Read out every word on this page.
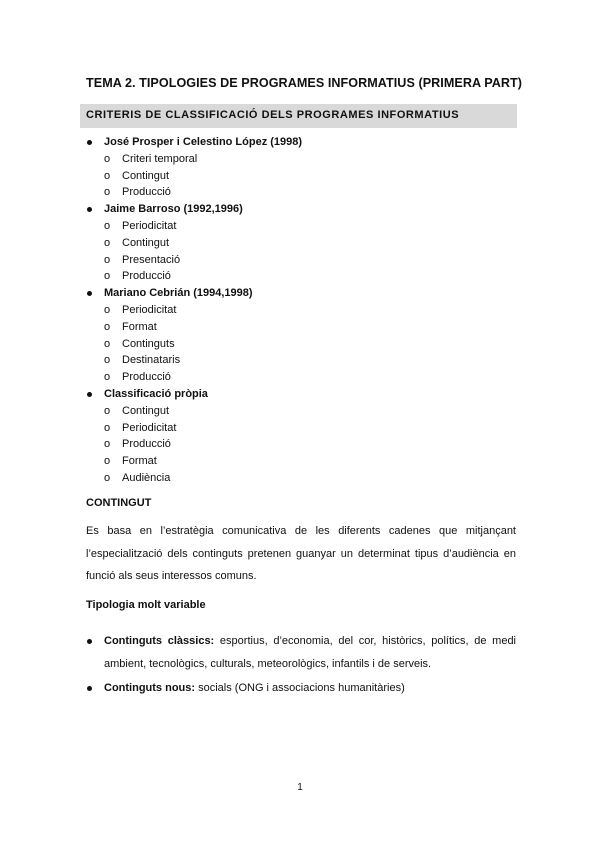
TEMA 2. TIPOLOGIES DE PROGRAMES INFORMATIUS (PRIMERA PART)
CRITERIS DE CLASSIFICACIÓ DELS PROGRAMES INFORMATIUS
José Prosper i Celestino López (1998)
o Criteri temporal
o Contingut
o Producció
Jaime Barroso (1992,1996)
o Periodicitat
o Contingut
o Presentació
o Producció
Mariano Cebrián (1994,1998)
o Periodicitat
o Format
o Continguts
o Destinataris
o Producció
Classificació pròpia
o Contingut
o Periodicitat
o Producció
o Format
o Audiència
CONTINGUT
Es basa en l’estratègia comunicativa de les diferents cadenes que mitjançant l’especialització dels continguts pretenen guanyar un determinat tipus d’audiència en funció als seus interessos comuns.
Tipologia molt variable
Continguts clàssics: esportius, d’economia, del cor, històrics, polítics, de medi ambient, tecnològics, culturals, meteorològics, infantils i de serveis.
Continguts nous: socials (ONG i associacions humanitàries)
1
